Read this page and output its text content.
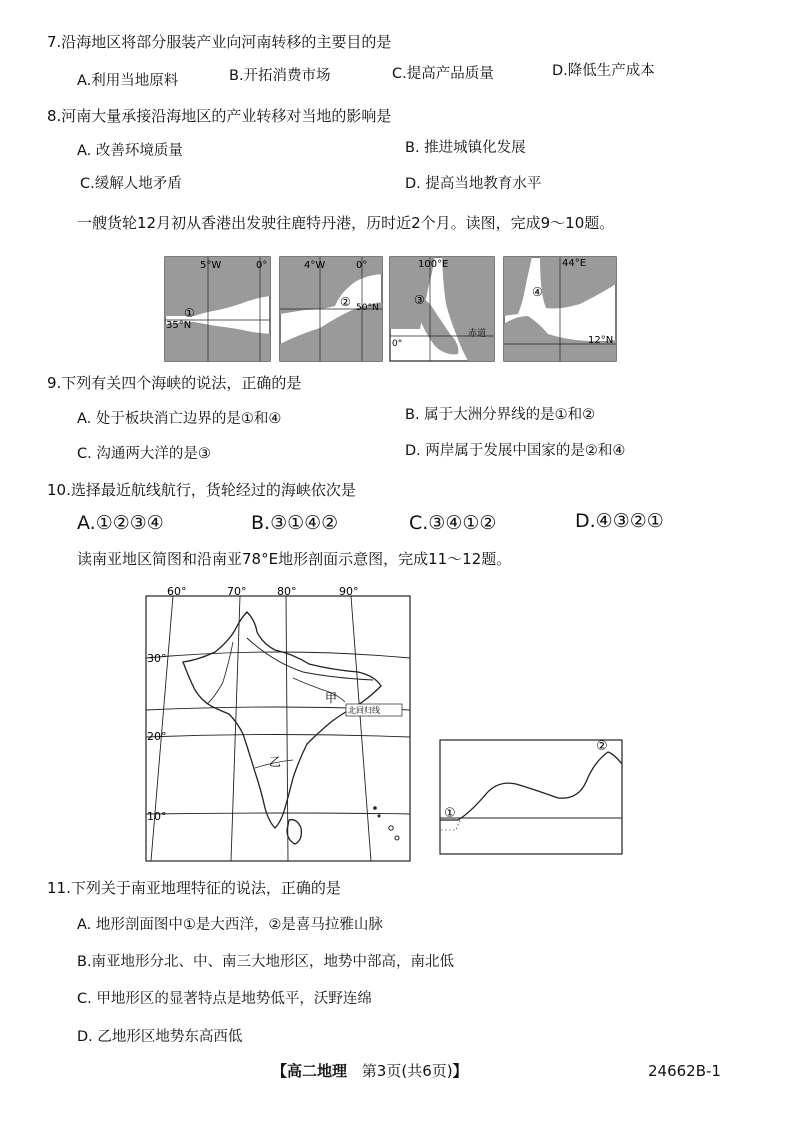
7.沿海地区将部分服装产业向河南转移的主要目的是
A.利用当地原料	B.开拓消费市场	C.提高产品质量	D.降低生产成本
8.河南大量承接沿海地区的产业转移对当地的影响是
A. 改善环境质量	B. 推进城镇化发展
C.缓解人地矛盾	D. 提高当地教育水平
一艘货轮12月初从香港出发驶往鹿特丹港，历时近2个月。读图，完成9～10题。
5°W	0°
35°N
①
4°W	0°
50°N
②
100°E
0°
③
赤道
44°E
12°N
④
9.下列有关四个海峡的说法，正确的是
A. 处于板块消亡边界的是①和④	B. 属于大洲分界线的是①和②
C. 沟通两大洋的是③	D. 两岸属于发展中国家的是②和④
10.选择最近航线航行，货轮经过的海峡依次是
A.①②③④	B.③①④②	C.③④①②	D.④③②①
读南亚地区简图和沿南亚78°E地形剖面示意图，完成11～12题。
60°	70°	80°	90°
30°
20°
10°
甲
乙
北回归线
①
②
11.下列关于南亚地理特征的说法，正确的是
A. 地形剖面图中①是大西洋，②是喜马拉雅山脉
B.南亚地形分北、中、南三大地形区，地势中部高，南北低
C. 甲地形区的显著特点是地势低平，沃野连绵
D. 乙地形区地势东高西低
【高二地理 第3页(共6页)】	24662B-1
